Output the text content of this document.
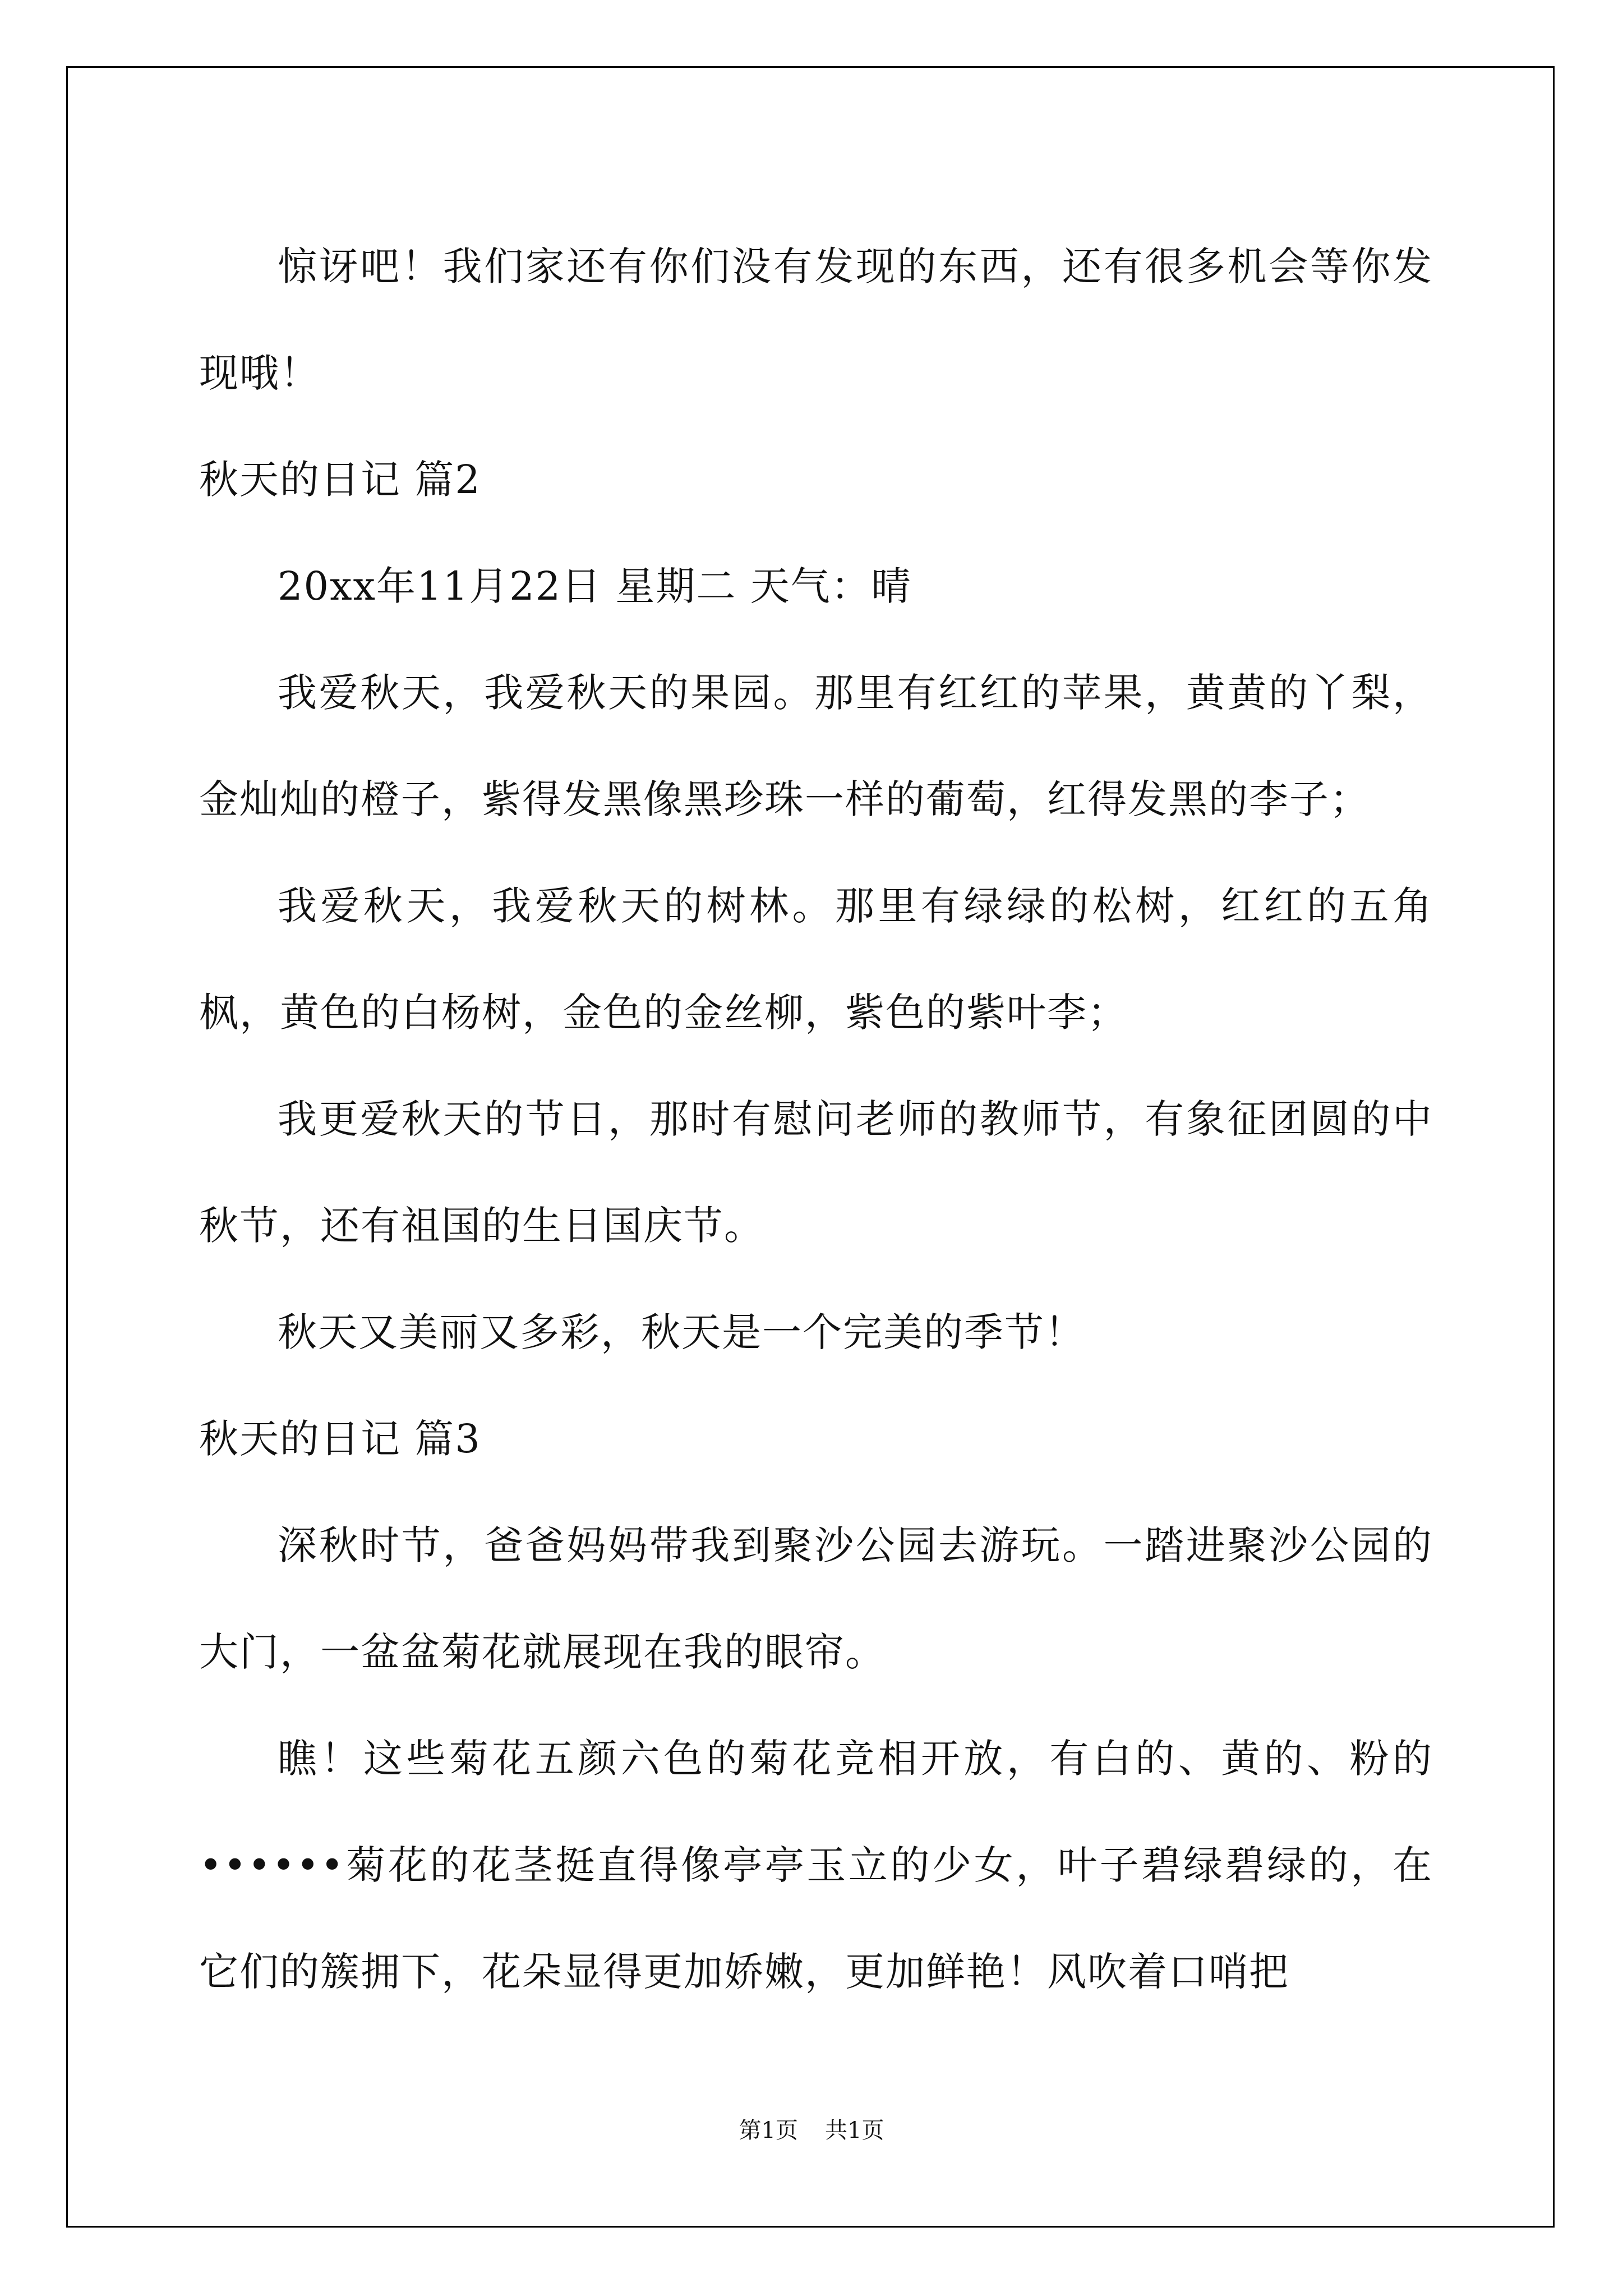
惊讶吧！我们家还有你们没有发现的东西，还有很多机会等你发现哦！

秋天的日记 篇2

20xx年11月22日 星期二 天气：晴

我爱秋天，我爱秋天的果园。那里有红红的苹果，黄黄的丫梨，金灿灿的橙子，紫得发黑像黑珍珠一样的葡萄，红得发黑的李子；

我爱秋天，我爱秋天的树林。那里有绿绿的松树，红红的五角枫，黄色的白杨树，金色的金丝柳，紫色的紫叶李；

我更爱秋天的节日，那时有慰问老师的教师节，有象征团圆的中秋节，还有祖国的生日国庆节。

秋天又美丽又多彩，秋天是一个完美的季节！

秋天的日记 篇3

深秋时节，爸爸妈妈带我到聚沙公园去游玩。一踏进聚沙公园的大门，一盆盆菊花就展现在我的眼帘。

瞧！这些菊花五颜六色的菊花竞相开放，有白的、黄的、粉的••••••菊花的花茎挺直得像亭亭玉立的少女，叶子碧绿碧绿的，在它们的簇拥下，花朵显得更加娇嫩，更加鲜艳！风吹着口哨把

第1页 共1页
